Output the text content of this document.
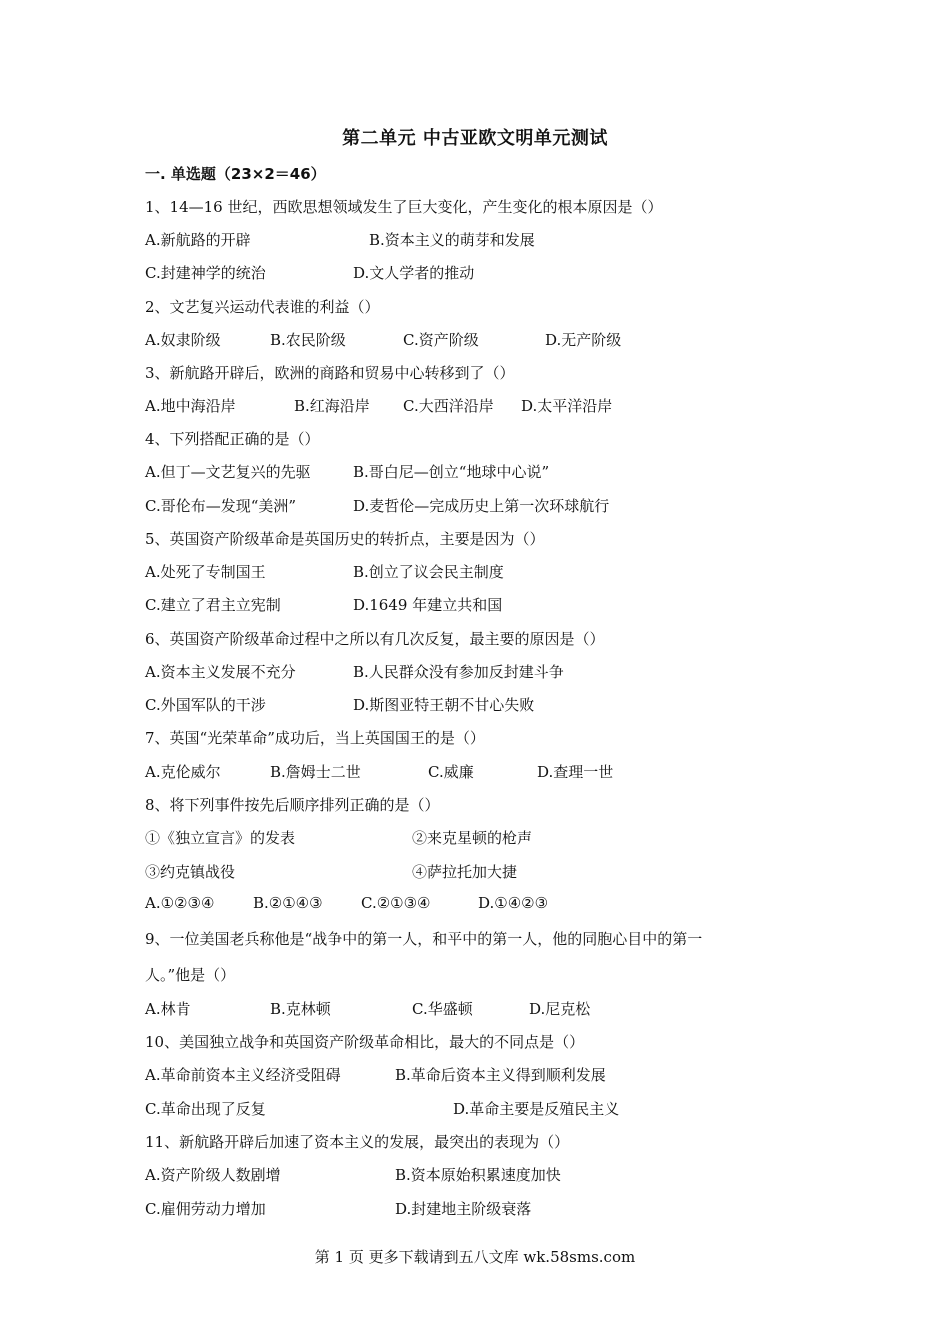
第二单元 中古亚欧文明单元测试
一. 单选题（23×2＝46）
1、14—16 世纪，西欧思想领域发生了巨大变化，产生变化的根本原因是（）
A.新航路的开辟	B.资本主义的萌芽和发展
C.封建神学的统治	D.文人学者的推动
2、文艺复兴运动代表谁的利益（）
A.奴隶阶级	B.农民阶级	C.资产阶级	D.无产阶级
3、新航路开辟后，欧洲的商路和贸易中心转移到了（）
A.地中海沿岸	B.红海沿岸 C.大西洋沿岸 D.太平洋沿岸
4、下列搭配正确的是（）
A.但丁—文艺复兴的先驱	B.哥白尼—创立“地球中心说”
C.哥伦布—发现“美洲”	D.麦哲伦—完成历史上第一次环球航行
5、英国资产阶级革命是英国历史的转折点，主要是因为（）
A.处死了专制国王	B.创立了议会民主制度
C.建立了君主立宪制	D.1649 年建立共和国
6、英国资产阶级革命过程中之所以有几次反复，最主要的原因是（）
A.资本主义发展不充分	B.人民群众没有参加反封建斗争
C.外国军队的干涉	D.斯图亚特王朝不甘心失败
7、英国“光荣革命”成功后，当上英国国王的是（）
A.克伦威尔	B.詹姆士二世	C.威廉	D.查理一世
8、将下列事件按先后顺序排列正确的是（）
①《独立宣言》的发表	②来克星顿的枪声
③约克镇战役	④萨拉托加大捷
A.①②③④	B.②①④③	C.②①③④	D.①④②③
9、一位美国老兵称他是“战争中的第一人，和平中的第一人，他的同胞心目中的第一
人。”他是（）
A.林肯	B.克林顿	C.华盛顿	D.尼克松
10、美国独立战争和英国资产阶级革命相比，最大的不同点是（）
A.革命前资本主义经济受阻碍	B.革命后资本主义得到顺利发展
C.革命出现了反复	D.革命主要是反殖民主义
11、新航路开辟后加速了资本主义的发展，最突出的表现为（）
A.资产阶级人数剧增	B.资本原始积累速度加快
C.雇佣劳动力增加	D.封建地主阶级衰落
第 1 页 更多下载请到五八文库 wk.58sms.com
